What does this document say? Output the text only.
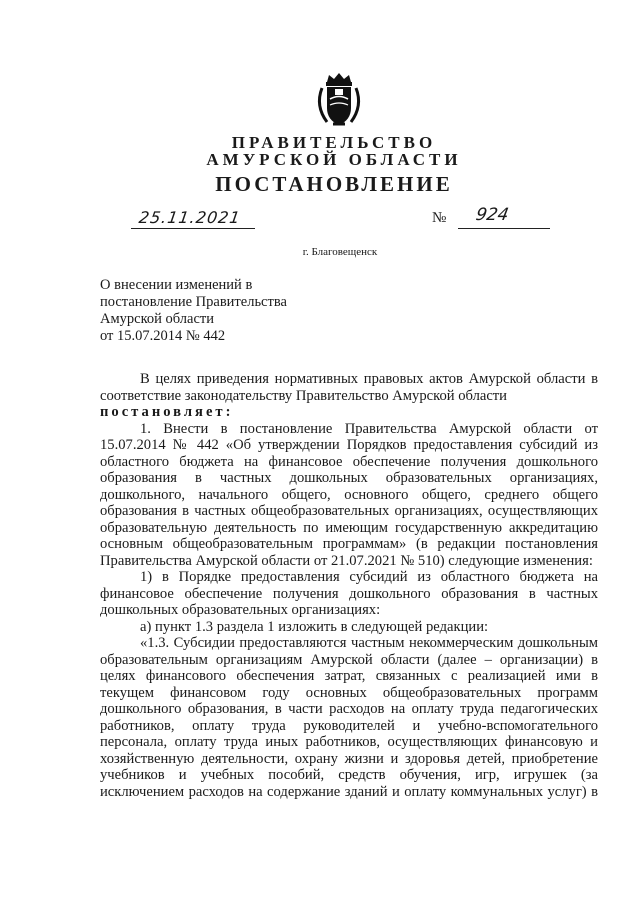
ПРАВИТЕЛЬСТВО
АМУРСКОЙ ОБЛАСТИ
ПОСТАНОВЛЕНИЕ
25.11.2021	№ 924
г. Благовещенск
О внесении изменений в
постановление Правительства
Амурской области
от 15.07.2014 № 442
В целях приведения нормативных правовых актов Амурской области в
соответствие законодательству Правительство Амурской области
постановляет:
1. Внести в постановление Правительства Амурской области от
15.07.2014 № 442 «Об утверждении Порядков предоставления субсидий из
областного бюджета на финансовое обеспечение получения дошкольного
образования в частных дошкольных образовательных организациях,
дошкольного, начального общего, основного общего, среднего общего
образования в частных общеобразовательных организациях, осуществляющих
образовательную деятельность по имеющим государственную аккредитацию
основным общеобразовательным программам» (в редакции постановления
Правительства Амурской области от 21.07.2021 № 510) следующие изменения:
1) в Порядке предоставления субсидий из областного бюджета на
финансовое обеспечение получения дошкольного образования в частных
дошкольных образовательных организациях:
а) пункт 1.3 раздела 1 изложить в следующей редакции:
«1.3. Субсидии предоставляются частным некоммерческим дошкольным
образовательным организациям Амурской области (далее – организации) в
целях финансового обеспечения затрат, связанных с реализацией ими в
текущем финансовом году основных общеобразовательных программ
дошкольного образования, в части расходов на оплату труда педагогических
работников, оплату труда руководителей и учебно-вспомогательного
персонала, оплату труда иных работников, осуществляющих финансовую и
хозяйственную деятельности, охрану жизни и здоровья детей, приобретение
учебников и учебных пособий, средств обучения, игр, игрушек (за
исключением расходов на содержание зданий и оплату коммунальных услуг) в
